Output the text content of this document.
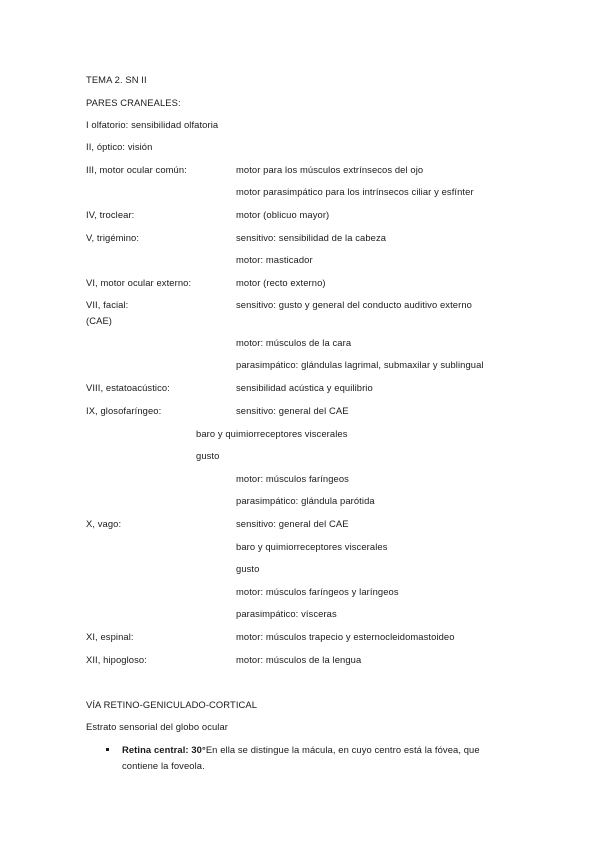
TEMA 2. SN II
PARES CRANEALES:
I olfatorio: sensibilidad olfatoria
II, óptico: visión
III, motor ocular común:	motor para los músculos extrínsecos del ojo
motor parasimpático para los intrínsecos ciliar y esfínter
IV, troclear:	motor (oblicuo mayor)
V, trigémino:	sensitivo: sensibilidad de la cabeza
motor: masticador
VI, motor ocular externo:	motor (recto externo)
VII, facial:	sensitivo: gusto y general del conducto auditivo externo
(CAE)
motor: músculos de la cara
parasimpático: glándulas lagrimal, submaxilar y sublingual
VIII, estatoacústico:	sensibilidad acústica y equilibrio
IX, glosofaríngeo:	sensitivo: general del CAE
baro y quimiorreceptores viscerales
gusto
motor: músculos faríngeos
parasimpático: glándula parótida
X, vago:	sensitivo: general del CAE
baro y quimiorreceptores viscerales
gusto
motor: músculos faríngeos y laríngeos
parasimpático: vísceras
XI, espinal:	motor: músculos trapecio y esternocleidomastoideo
XII, hipogloso:	motor: músculos de la lengua
VÍA RETINO-GENICULADO-CORTICAL
Estrato sensorial del globo ocular
Retina central: 30°En ella se distingue la mácula, en cuyo centro está la fóvea, que
contiene la foveola.
